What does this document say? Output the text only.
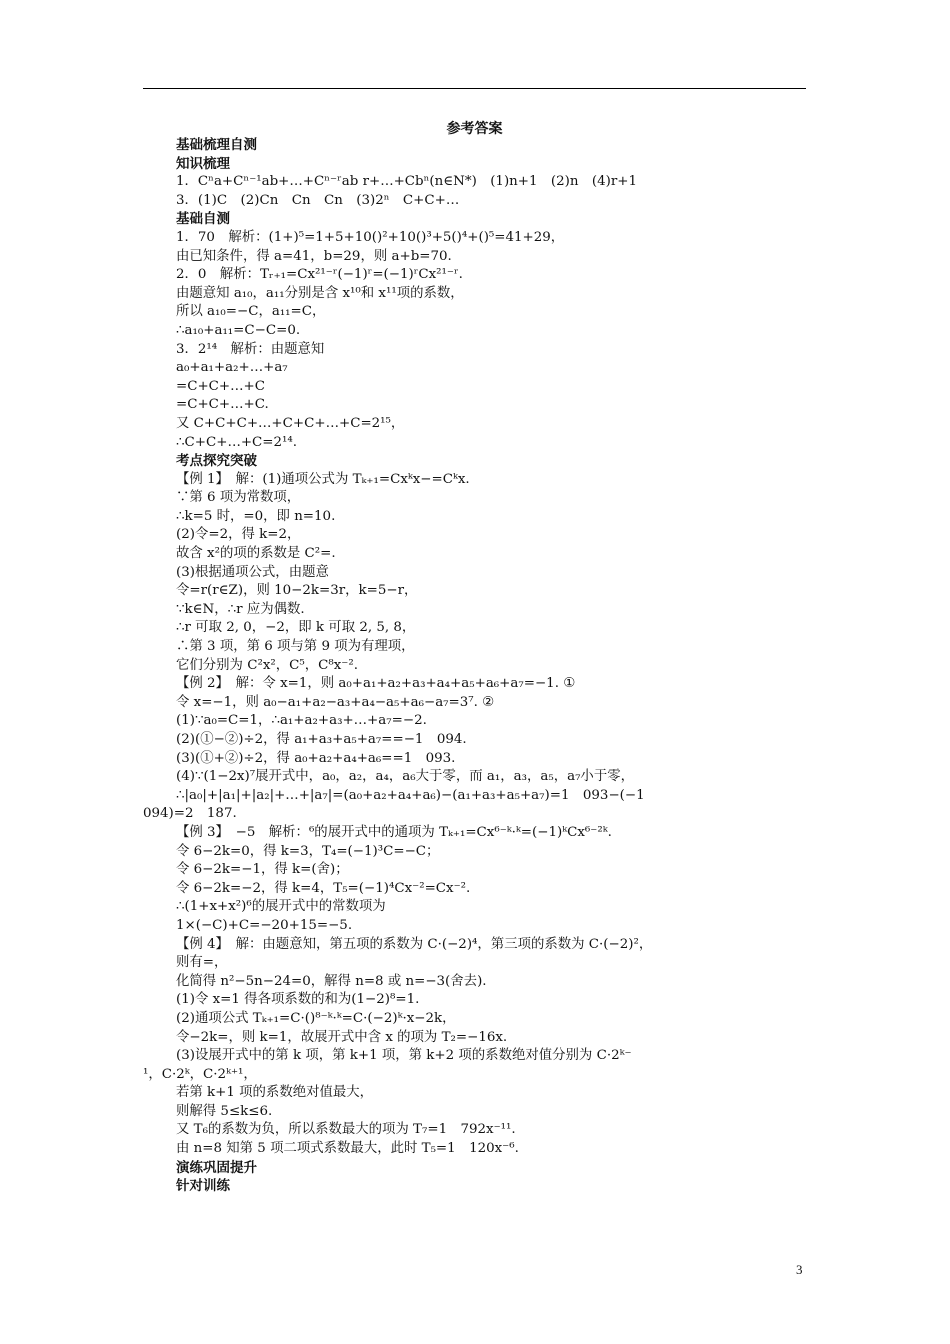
参考答案
基础梳理自测
知识梳理
1．Cⁿa+Cⁿ⁻¹ab+…+Cⁿ⁻ʳab r+…+Cbⁿ(n∈N*)　(1)n+1　(2)n　(4)r+1
3．(1)C　(2)Cn　Cn　Cn　(3)2ⁿ　C+C+…
基础自测
1．70　解析：(1+)⁵=1+5+10()²+10()³+5()⁴+()⁵=41+29，
由已知条件，得 a=41，b=29，则 a+b=70.
2．0　解析：Tᵣ₊₁=Cx²¹⁻ʳ(−1)ʳ=(−1)ʳCx²¹⁻ʳ.
由题意知 a₁₀，a₁₁分别是含 x¹⁰和 x¹¹项的系数，
所以 a₁₀=−C，a₁₁=C，
∴a₁₀+a₁₁=C−C=0.
3．2¹⁴　解析：由题意知
a₀+a₁+a₂+…+a₇
=C+C+…+C
=C+C+…+C.
又 C+C+C+…+C+C+…+C=2¹⁵，
∴C+C+…+C=2¹⁴.
考点探究突破
【例 1】　解：(1)通项公式为 Tₖ₊₁=Cxᵏx−=Cᵏx.
∵第 6 项为常数项，
∴k=5 时，=0，即 n=10.
(2)令=2，得 k=2，
故含 x²的项的系数是 C²=.
(3)根据通项公式，由题意
令=r(r∈Z)，则 10−2k=3r，k=5−r，
∵k∈N，∴r 应为偶数.
∴r 可取 2, 0，−2，即 k 可取 2, 5, 8，
∴第 3 项，第 6 项与第 9 项为有理项，
它们分别为 C²x²，C⁵，C⁸x⁻².
【例 2】　解：令 x=1，则 a₀+a₁+a₂+a₃+a₄+a₅+a₆+a₇=−1. ①
令 x=−1，则 a₀−a₁+a₂−a₃+a₄−a₅+a₆−a₇=3⁷. ②
(1)∵a₀=C=1，∴a₁+a₂+a₃+…+a₇=−2.
(2)(①−②)÷2，得 a₁+a₃+a₅+a₇==−1　094.
(3)(①+②)÷2，得 a₀+a₂+a₄+a₆==1　093.
(4)∵(1−2x)⁷展开式中，a₀，a₂，a₄，a₆大于零，而 a₁，a₃，a₅，a₇小于零，
∴|a₀|+|a₁|+|a₂|+…+|a₇|=(a₀+a₂+a₄+a₆)−(a₁+a₃+a₅+a₇)=1　093−(−1
094)=2　187.
【例 3】　−5　解析：⁶的展开式中的通项为 Tₖ₊₁=Cx⁶⁻ᵏ·ᵏ=(−1)ᵏCx⁶⁻²ᵏ.
令 6−2k=0，得 k=3，T₄=(−1)³C=−C；
令 6−2k=−1，得 k=(舍)；
令 6−2k=−2，得 k=4，T₅=(−1)⁴Cx⁻²=Cx⁻².
∴(1+x+x²)⁶的展开式中的常数项为
1×(−C)+C=−20+15=−5.
【例 4】　解：由题意知，第五项的系数为 C·(−2)⁴，第三项的系数为 C·(−2)²，
则有=，
化简得 n²−5n−24=0，解得 n=8 或 n=−3(舍去).
(1)令 x=1 得各项系数的和为(1−2)⁸=1.
(2)通项公式 Tₖ₊₁=C·()⁸⁻ᵏ·ᵏ=C·(−2)ᵏ·x−2k，
令−2k=，则 k=1，故展开式中含 x 的项为 T₂=−16x.
(3)设展开式中的第 k 项，第 k+1 项，第 k+2 项的系数绝对值分别为 C·2ᵏ⁻
¹，C·2ᵏ，C·2ᵏ⁺¹，
若第 k+1 项的系数绝对值最大，
则解得 5≤k≤6.
又 T₆的系数为负，所以系数最大的项为 T₇=1　792x⁻¹¹.
由 n=8 知第 5 项二项式系数最大，此时 T₅=1　120x⁻⁶.
演练巩固提升
针对训练
3
